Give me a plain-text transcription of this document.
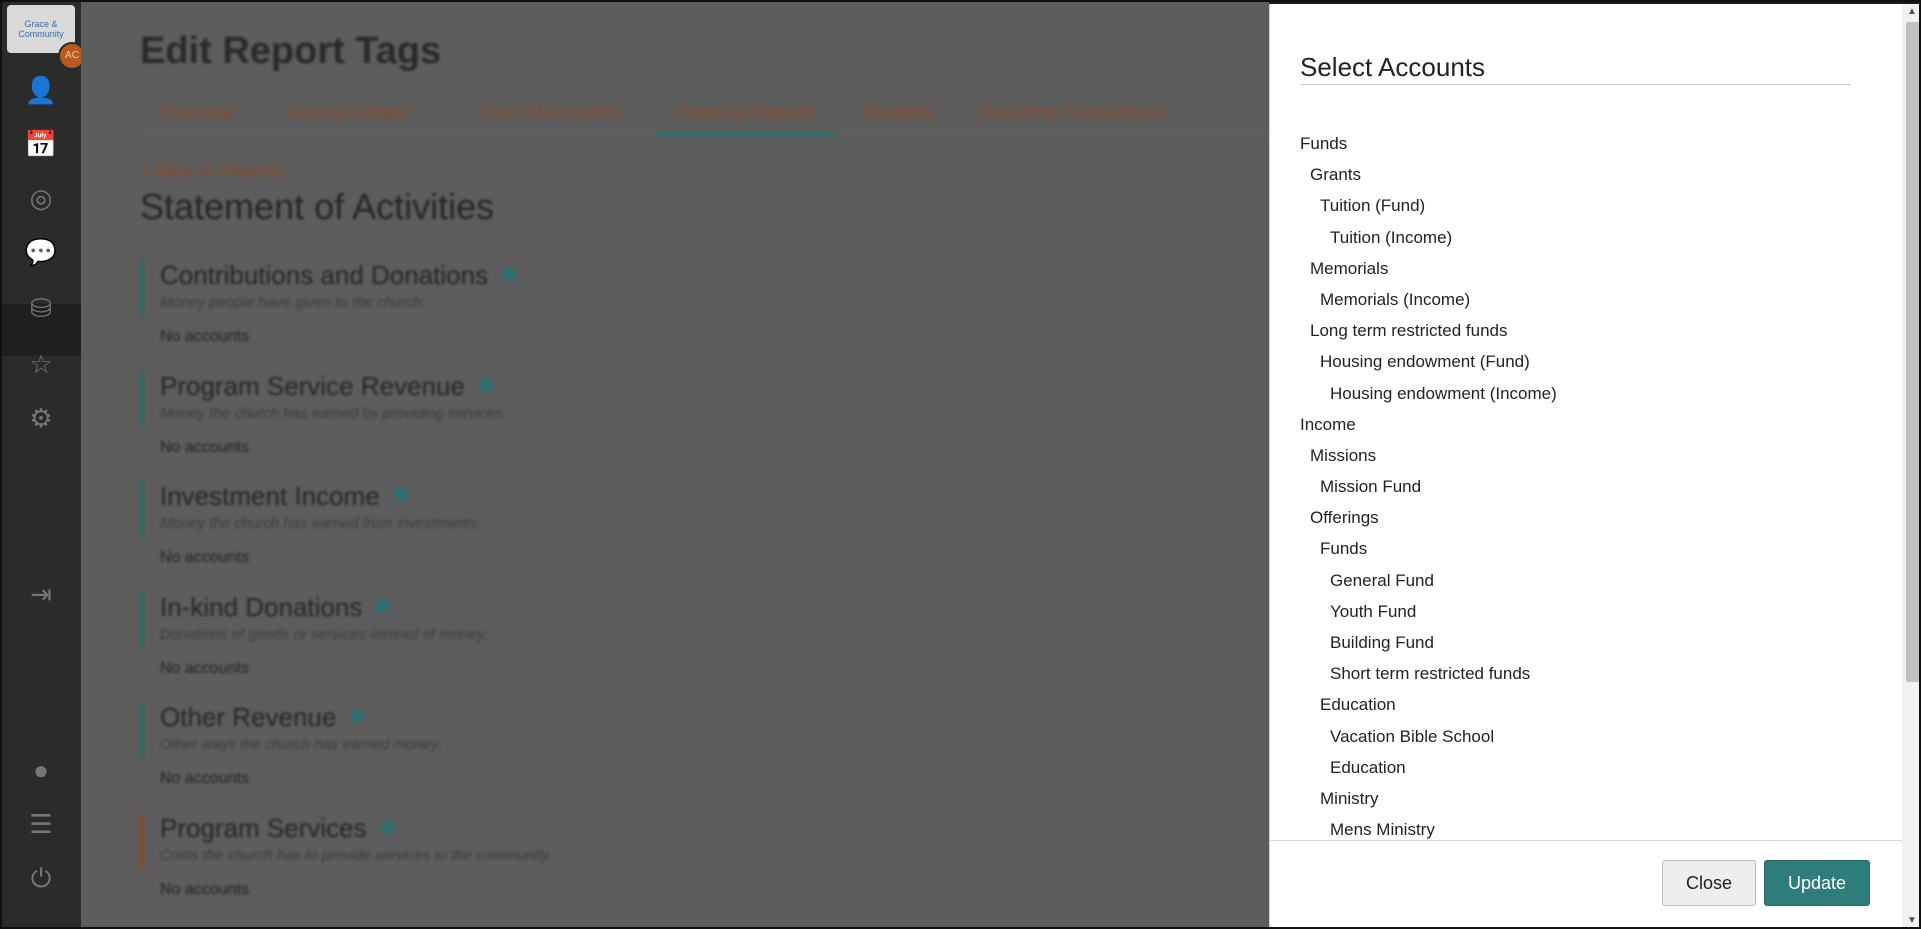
Grace & Community
AC
👤
📅
◎
💬
⛁
☆
⚙
⇥
●
☰
⏻
Edit Report Tags
Overview	General Ledger	Chart of Accounts	Financial Reports	Budgets	Recurring Transactions
« Back to Reports
Statement of Activities
Contributions and Donations
Money people have given to the church.
No accounts
Program Service Revenue
Money the church has earned by providing services.
No accounts
Investment Income
Money the church has earned from investments.
No accounts
In-kind Donations
Donations of goods or services instead of money.
No accounts
Other Revenue
Other ways the church has earned money.
No accounts
Program Services
Costs the church has to provide services to the community.
No accounts
Select Accounts
Funds
Grants
Tuition (Fund)
Tuition (Income)
Memorials
Memorials (Income)
Long term restricted funds
Housing endowment (Fund)
Housing endowment (Income)
Income
Missions
Mission Fund
Offerings
Funds
General Fund
Youth Fund
Building Fund
Short term restricted funds
Education
Vacation Bible School
Education
Ministry
Mens Ministry
Close	Update
▲
▼
